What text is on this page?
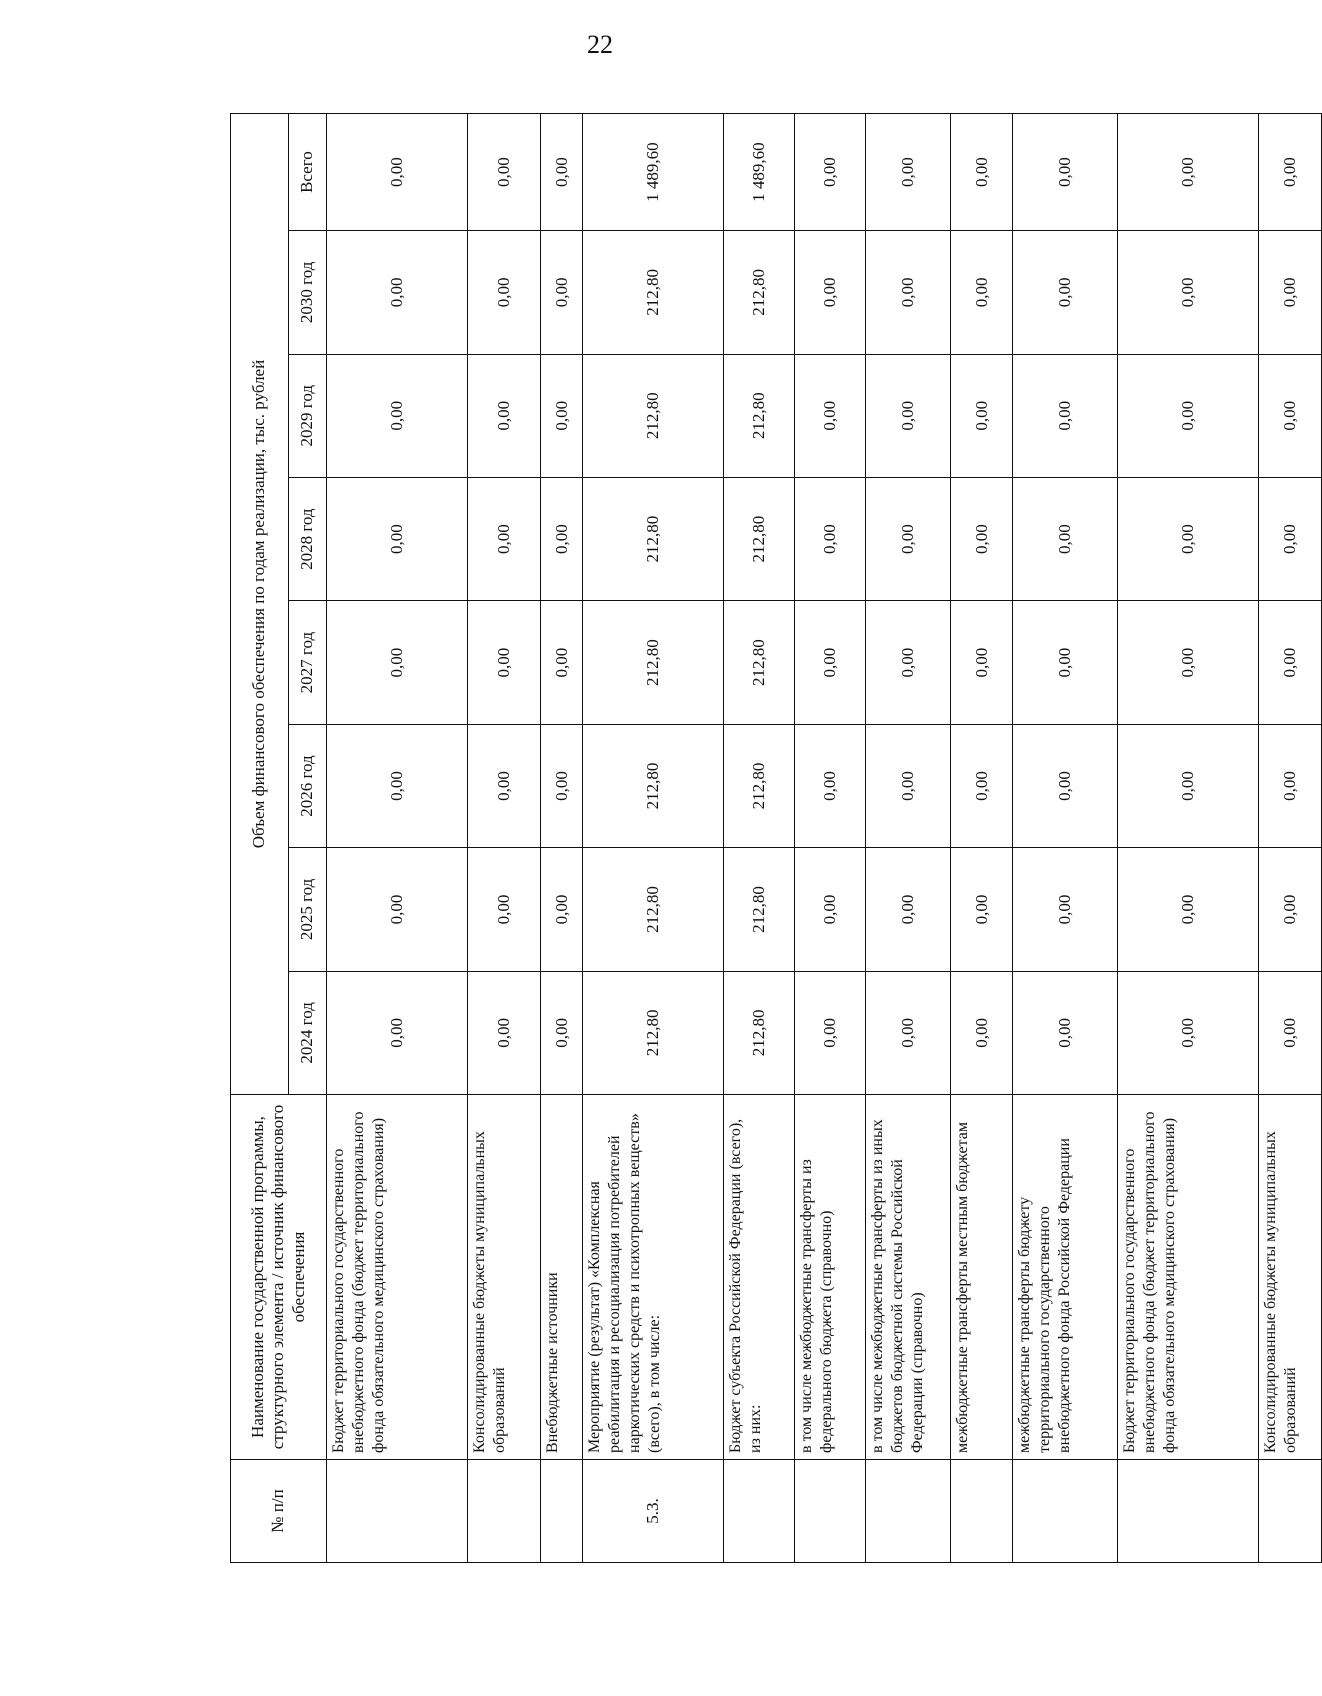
22
№ п/п	Наименование государственной программы, структурного элемента / источник финансового обеспечения	Объем финансового обеспечения по годам реализации, тыс. рублей							
		2024 год	2025 год	2026 год	2027 год	2028 год	2029 год	2030 год	Всего
	Бюджет территориального государственного внебюджетного фонда (бюджет территориального фонда обязательного медицинского страхования)	0,00	0,00	0,00	0,00	0,00	0,00	0,00	0,00
	Консолидированные бюджеты муниципальных образований	0,00	0,00	0,00	0,00	0,00	0,00	0,00	0,00
	Внебюджетные источники	0,00	0,00	0,00	0,00	0,00	0,00	0,00	0,00
5.3.	Мероприятие (результат) «Комплексная реабилитация и ресоциализация потребителей наркотических средств и психотропных веществ» (всего), в том числе:	212,80	212,80	212,80	212,80	212,80	212,80	212,80	1 489,60
	Бюджет субъекта Российской Федерации (всего), из них:	212,80	212,80	212,80	212,80	212,80	212,80	212,80	1 489,60
	в том числе межбюджетные трансферты из федерального бюджета (справочно)	0,00	0,00	0,00	0,00	0,00	0,00	0,00	0,00
	в том числе межбюджетные трансферты из иных бюджетов бюджетной системы Российской Федерации (справочно)	0,00	0,00	0,00	0,00	0,00	0,00	0,00	0,00
	межбюджетные трансферты местным бюджетам	0,00	0,00	0,00	0,00	0,00	0,00	0,00	0,00
	межбюджетные трансферты бюджету территориального государственного внебюджетного фонда Российской Федерации	0,00	0,00	0,00	0,00	0,00	0,00	0,00	0,00
	Бюджет территориального государственного внебюджетного фонда (бюджет территориального фонда обязательного медицинского страхования)	0,00	0,00	0,00	0,00	0,00	0,00	0,00	0,00
	Консолидированные бюджеты муниципальных образований	0,00	0,00	0,00	0,00	0,00	0,00	0,00	0,00
